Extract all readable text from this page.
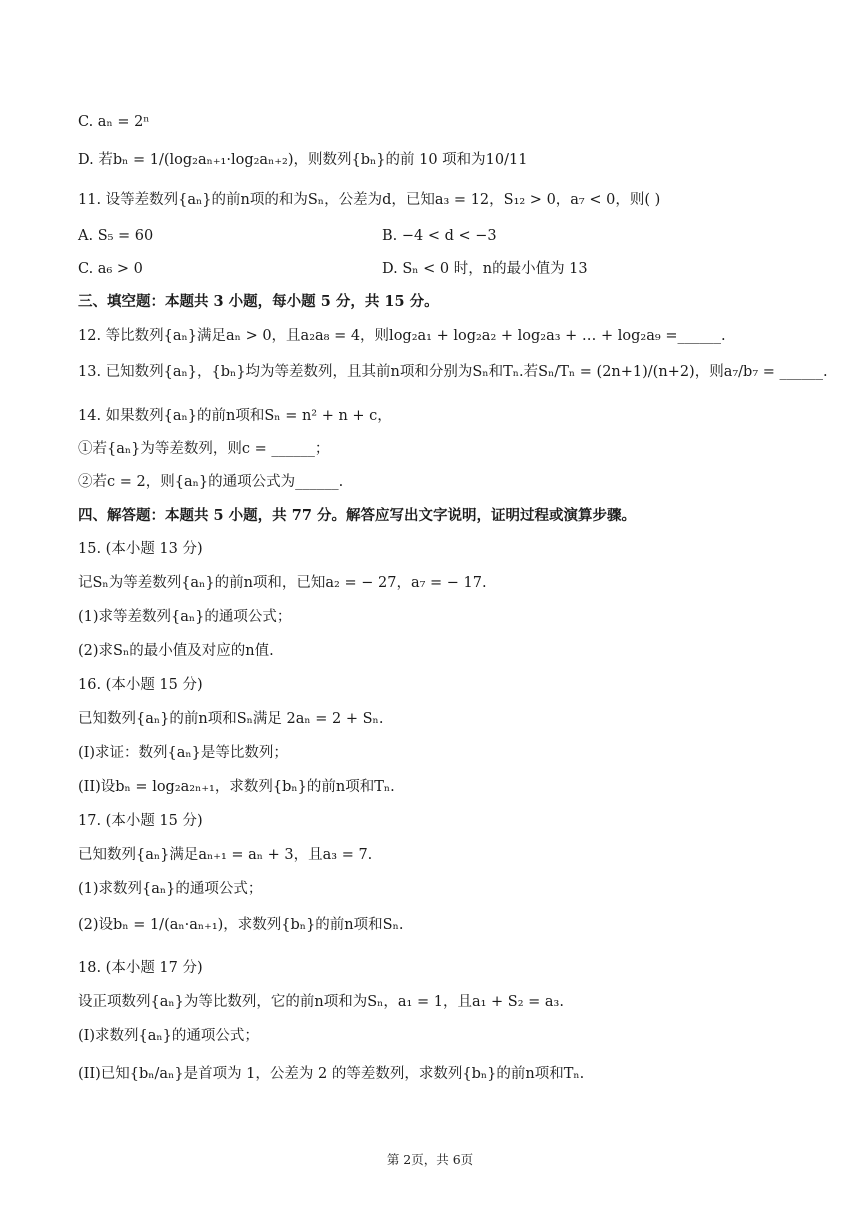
C. aₙ = 2ⁿ
D. 若bₙ = 1/(log₂aₙ₊₁·log₂aₙ₊₂)，则数列{bₙ}的前 10 项和为10/11
11. 设等差数列{aₙ}的前n项的和为Sₙ，公差为d，已知a₃ = 12，S₁₂ > 0，a₇ < 0，则( )
A. S₅ = 60	B. −4 < d < −3
C. a₆ > 0	D. Sₙ < 0 时，n的最小值为 13
三、填空题：本题共 3 小题，每小题 5 分，共 15 分。
12. 等比数列{aₙ}满足aₙ > 0，且a₂a₈ = 4，则log₂a₁ + log₂a₂ + log₂a₃ + … + log₂a₉ =______.
13. 已知数列{aₙ}，{bₙ}均为等差数列，且其前n项和分别为Sₙ和Tₙ.若Sₙ/Tₙ = (2n+1)/(n+2)，则a₇/b₇ = ______.
14. 如果数列{aₙ}的前n项和Sₙ = n² + n + c，
①若{aₙ}为等差数列，则c = ______；
②若c = 2，则{aₙ}的通项公式为______.
四、解答题：本题共 5 小题，共 77 分。解答应写出文字说明，证明过程或演算步骤。
15. (本小题 13 分)
记Sₙ为等差数列{aₙ}的前n项和，已知a₂ = − 27，a₇ = − 17.
(1)求等差数列{aₙ}的通项公式；
(2)求Sₙ的最小值及对应的n值.
16. (本小题 15 分)
已知数列{aₙ}的前n项和Sₙ满足 2aₙ = 2 + Sₙ.
(I)求证：数列{aₙ}是等比数列；
(II)设bₙ = log₂a₂ₙ₊₁，求数列{bₙ}的前n项和Tₙ.
17. (本小题 15 分)
已知数列{aₙ}满足aₙ₊₁ = aₙ + 3，且a₃ = 7.
(1)求数列{aₙ}的通项公式；
(2)设bₙ = 1/(aₙ·aₙ₊₁)，求数列{bₙ}的前n项和Sₙ.
18. (本小题 17 分)
设正项数列{aₙ}为等比数列，它的前n项和为Sₙ，a₁ = 1，且a₁ + S₂ = a₃.
(I)求数列{aₙ}的通项公式；
(II)已知{bₙ/aₙ}是首项为 1，公差为 2 的等差数列，求数列{bₙ}的前n项和Tₙ.
第 2页，共 6页
